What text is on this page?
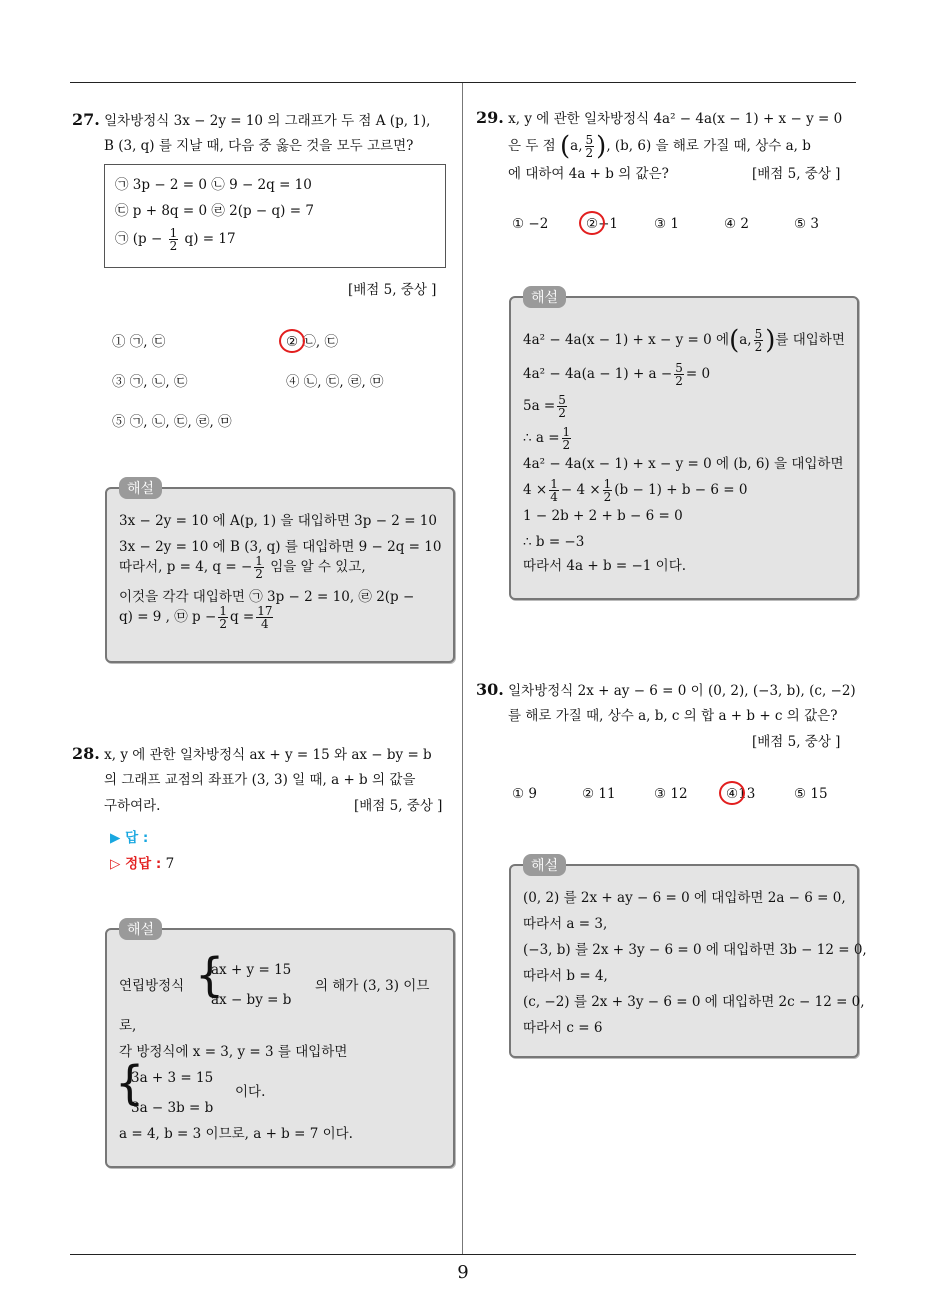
9
27. 일차방정식 3x − 2y = 10 의 그래프가 두 점 A (p, 1),
B (3, q) 를 지날 때, 다음 중 옳은 것을 모두 고르면?
㉠ 3p − 2 = 0 ㉡ 9 − 2q = 10
㉢ p + 8q = 0 ㉣ 2(p − q) = 7
㉠ $(p - \frac{1}{2} q) = 17$
[배점 5, 중상 ]
① ㉠, ㉢	② ㉡, ㉢
③ ㉠, ㉡, ㉢	④ ㉡, ㉢, ㉣, ㉤
⑤ ㉠, ㉡, ㉢, ㉣, ㉤
해설
3x − 2y = 10 에 A(p, 1) 을 대입하면 3p − 2 = 10
3x − 2y = 10 에 B (3, q) 를 대입하면 9 − 2q = 10
따라서, p = 4, q = − $\frac{1}{2}$ 임을 알 수 있고,
이것을 각각 대입하면 ㉠ 3p − 2 = 10, ㉣ 2(p −
q) = 9 , ㉤ $p - \frac{1}{2}$ $q = \frac{17}{4}$
28. x, y 에 관한 일차방정식 ax + y = 15 와 ax − by = b
의 그래프 교점의 좌표가 (3, 3) 일 때, a + b 의 값을
구하여라.	[배점 5, 중상 ]
▶ 답 :
▷ 정답 : 7
해설
연립방정식 {
ax + y = 15
ax − by = b
의 해가 (3, 3) 이므
로,
각 방정식에 x = 3, y = 3 를 대입하면
{
3a + 3 = 15
3a − 3b = b
이다.
a = 4, b = 3 이므로, a + b = 7 이다.
29. x, y 에 관한 일차방정식 4a² − 4a(x − 1) + x − y = 0
은 두 점 (a, $\frac{5}{2}$ ), (b, 6) 을 해로 가질 때, 상수 a, b
에 대하여 4a + b 의 값은?	[배점 5, 중상 ]
① −2	②−1	③ 1	④ 2	⑤ 3
해설
4a² − 4a(x − 1) + x − y = 0 에(a, $\frac{5}{2}$ )를 대입하면
$4a^2 - 4a(a - 1) + a - \frac{5}{2} = 0$
$5a = \frac{5}{2}$
∴ $a = \frac{1}{2}$
4a² − 4a(x − 1) + x − y = 0 에 (b, 6) 을 대입하면
$4 \times \frac{1}{4} - 4 \times \frac{1}{2} (b - 1) + b - 6 = 0$
1 − 2b + 2 + b − 6 = 0
∴ b = −3
따라서 4a + b = −1 이다.
30. 일차방정식 2x + ay − 6 = 0 이 (0, 2), (−3, b), (c, −2)
를 해로 가질 때, 상수 a, b, c 의 합 a + b + c 의 값은?
[배점 5, 중상 ]
① 9	② 11	③ 12	④13	⑤ 15
해설
(0, 2) 를 2x + ay − 6 = 0 에 대입하면 2a − 6 = 0,
따라서 a = 3,
(−3, b) 를 2x + 3y − 6 = 0 에 대입하면 3b − 12 = 0,
따라서 b = 4,
(c, −2) 를 2x + 3y − 6 = 0 에 대입하면 2c − 12 = 0,
따라서 c = 6
